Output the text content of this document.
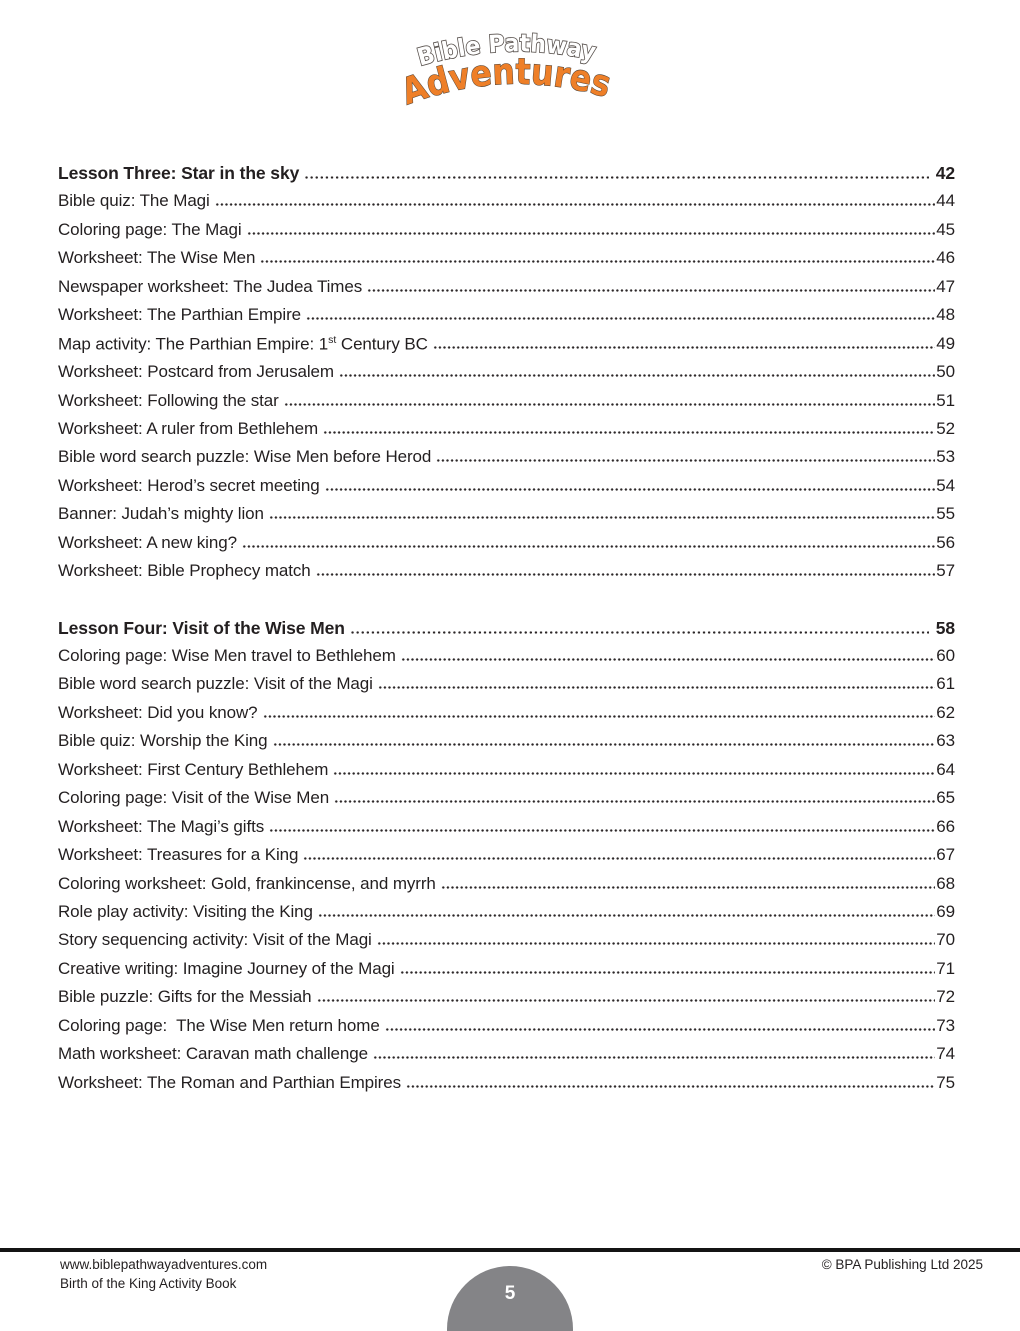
Bible Pathway
Adventures
Lesson Three: Star in the sky	42
Bible quiz: The Magi	44
Coloring page: The Magi	45
Worksheet: The Wise Men	46
Newspaper worksheet: The Judea Times	47
Worksheet: The Parthian Empire	48
Map activity: The Parthian Empire: 1st Century BC	49
Worksheet: Postcard from Jerusalem	50
Worksheet: Following the star	51
Worksheet: A ruler from Bethlehem	52
Bible word search puzzle: Wise Men before Herod	53
Worksheet: Herod’s secret meeting	54
Banner: Judah’s mighty lion	55
Worksheet: A new king?	56
Worksheet: Bible Prophecy match	57
Lesson Four: Visit of the Wise Men	58
Coloring page: Wise Men travel to Bethlehem	60
Bible word search puzzle: Visit of the Magi	61
Worksheet: Did you know?	62
Bible quiz: Worship the King	63
Worksheet: First Century Bethlehem	64
Coloring page: Visit of the Wise Men	65
Worksheet: The Magi’s gifts	66
Worksheet: Treasures for a King	67
Coloring worksheet: Gold, frankincense, and myrrh	68
Role play activity: Visiting the King	69
Story sequencing activity: Visit of the Magi	70
Creative writing: Imagine Journey of the Magi	71
Bible puzzle: Gifts for the Messiah	72
Coloring page:  The Wise Men return home	73
Math worksheet: Caravan math challenge	74
Worksheet: The Roman and Parthian Empires	75
www.biblepathwayadventures.com
Birth of the King Activity Book
© BPA Publishing Ltd 2025
5
